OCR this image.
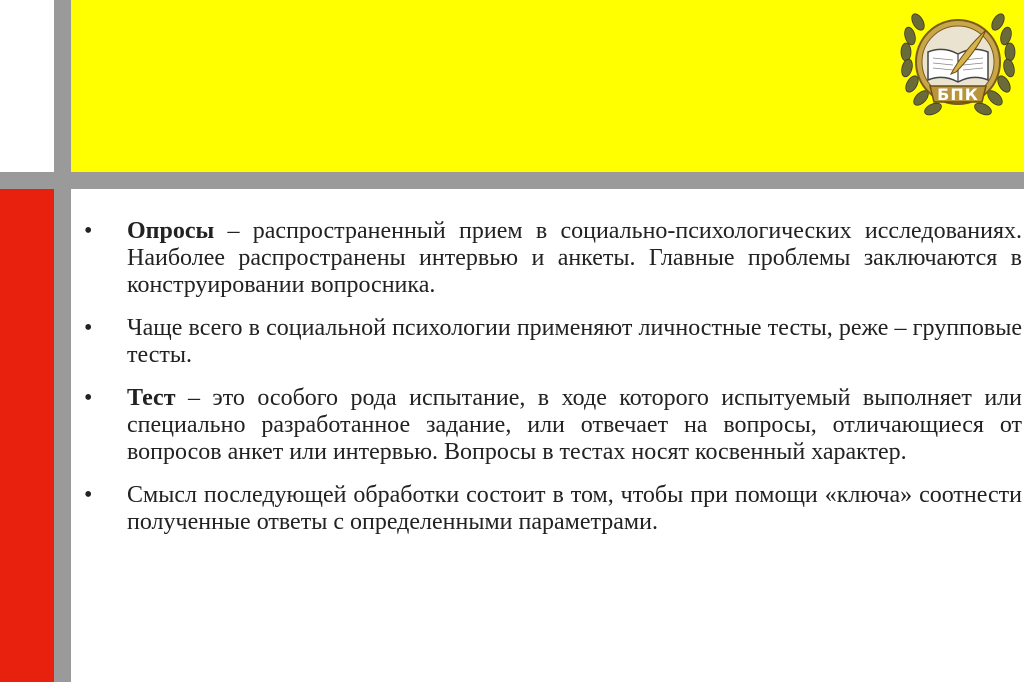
БПК
• Опросы – распространенный прием в социально-психологических исследованиях. Наиболее распространены интервью и анкеты. Главные проблемы заключаются в конструировании вопросника.
• Чаще всего в социальной психологии применяют личностные тесты, реже – групповые тесты.
• Тест – это особого рода испытание, в ходе которого испытуемый выполняет или специально разработанное задание, или отвечает на вопросы, отличающиеся от вопросов анкет или интервью. Вопросы в тестах носят косвенный характер.
• Смысл последующей обработки состоит в том, чтобы при помощи «ключа» соотнести полученные ответы с определенными параметрами.
